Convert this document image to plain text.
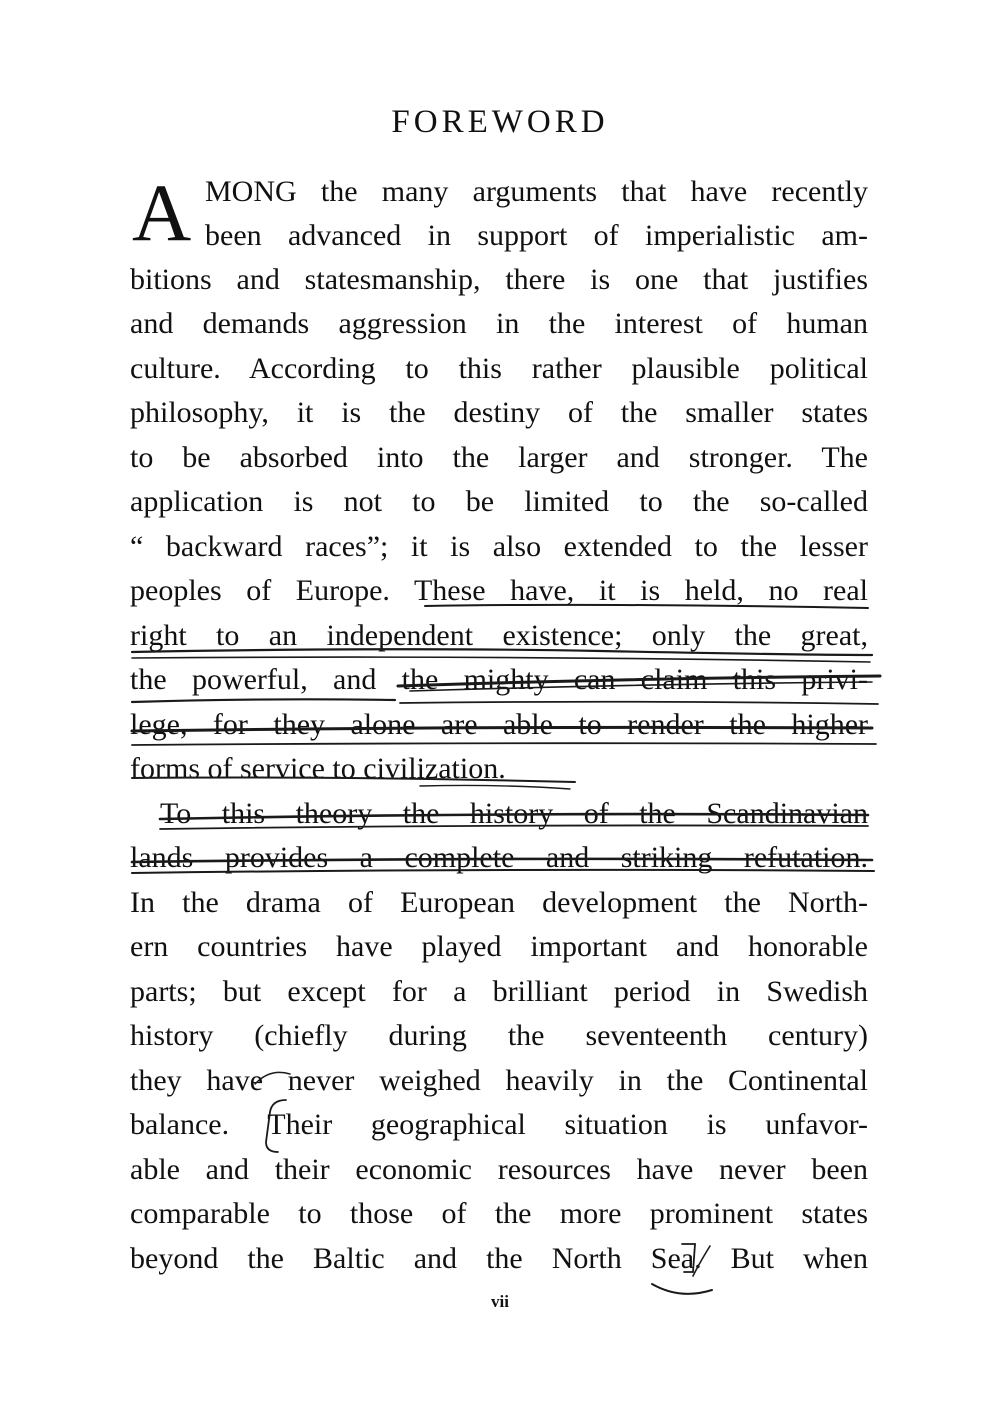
FOREWORD
A MONG the many arguments that have recently
been advanced in support of imperialistic am-
bitions and statesmanship, there is one that justifies
and demands aggression in the interest of human
culture. According to this rather plausible political
philosophy, it is the destiny of the smaller states
to be absorbed into the larger and stronger. The
application is not to be limited to the so-called
“ backward races”; it is also extended to the lesser
peoples of Europe. These have, it is held, no real
right to an independent existence; only the great,
the powerful, and the mighty can claim this privi-
lege, for they alone are able to render the higher
forms of service to civilization.
To this theory the history of the Scandinavian
lands provides a complete and striking refutation.
In the drama of European development the North-
ern countries have played important and honorable
parts; but except for a brilliant period in Swedish
history (chiefly during the seventeenth century)
they have never weighed heavily in the Continental
balance. Their geographical situation is unfavor-
able and their economic resources have never been
comparable to those of the more prominent states
beyond the Baltic and the North Sea. But when
vii
